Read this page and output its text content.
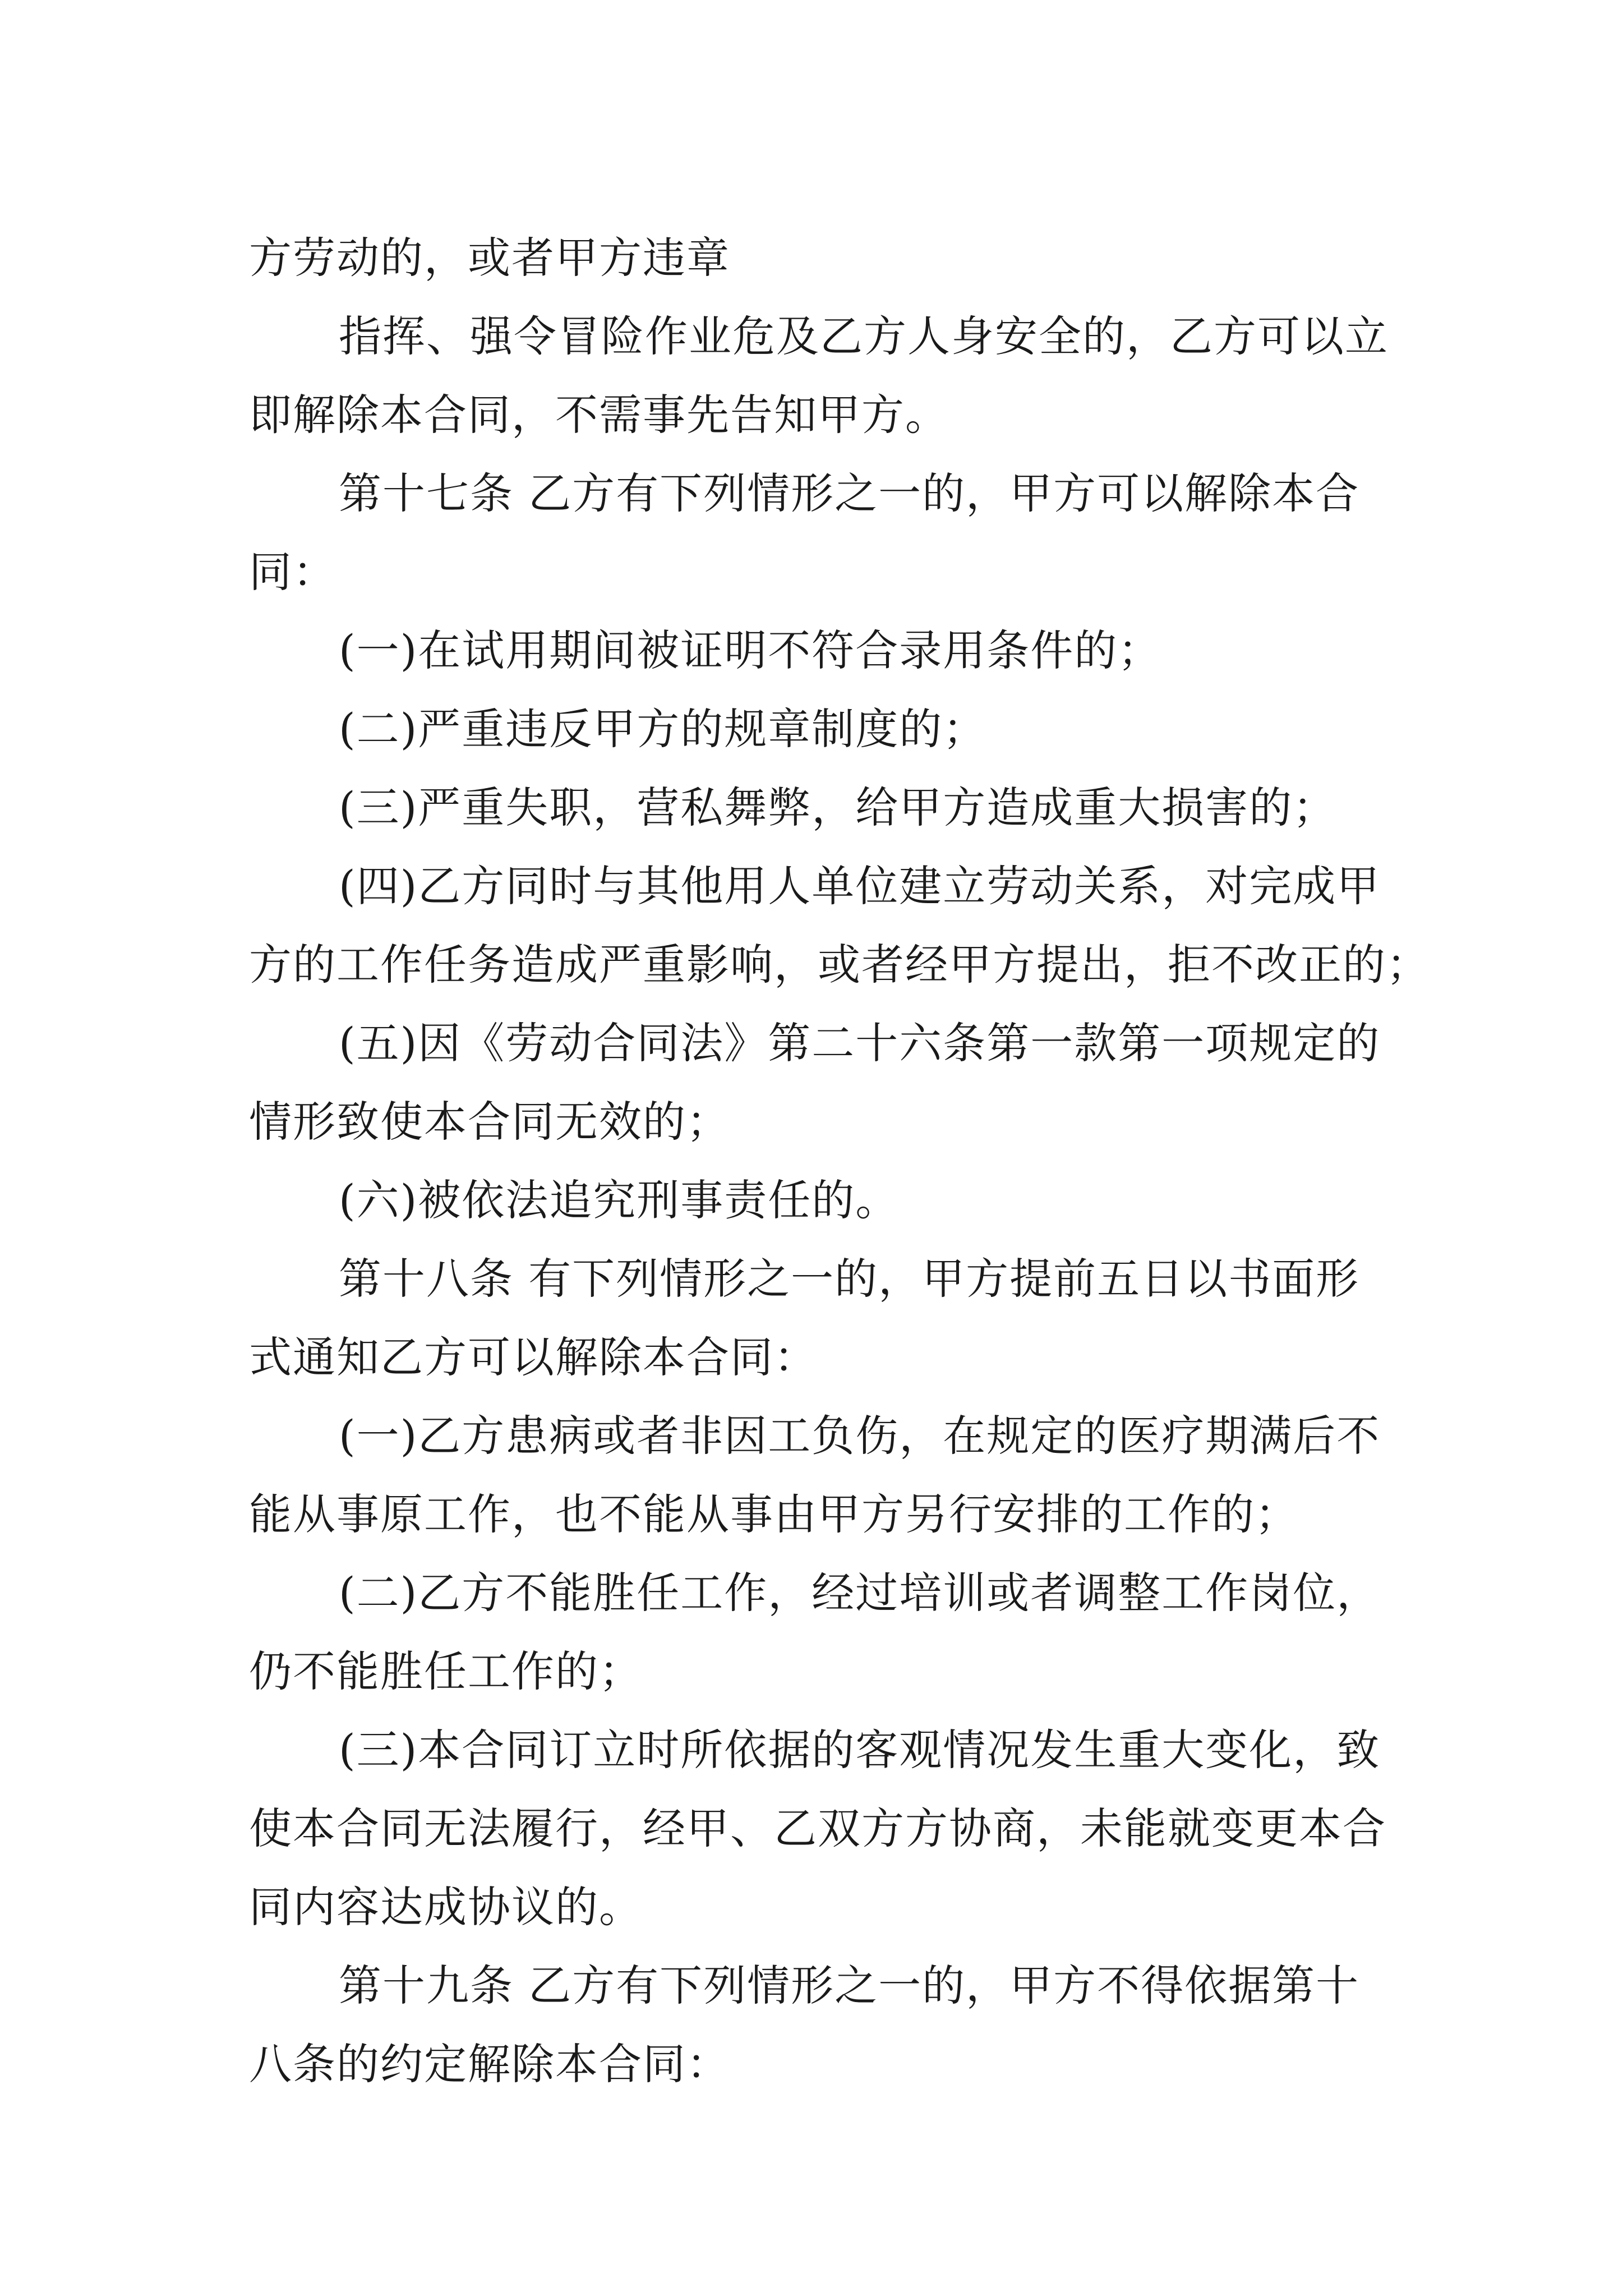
方劳动的，或者甲方违章
指挥、强令冒险作业危及乙方人身安全的，乙方可以立
即解除本合同，不需事先告知甲方。
第十七条 乙方有下列情形之一的，甲方可以解除本合
同：
(一)在试用期间被证明不符合录用条件的；
(二)严重违反甲方的规章制度的；
(三)严重失职，营私舞弊，给甲方造成重大损害的；
(四)乙方同时与其他用人单位建立劳动关系，对完成甲
方的工作任务造成严重影响，或者经甲方提出，拒不改正的；
(五)因《劳动合同法》第二十六条第一款第一项规定的
情形致使本合同无效的；
(六)被依法追究刑事责任的。
第十八条 有下列情形之一的，甲方提前五日以书面形
式通知乙方可以解除本合同：
(一)乙方患病或者非因工负伤，在规定的医疗期满后不
能从事原工作，也不能从事由甲方另行安排的工作的；
(二)乙方不能胜任工作，经过培训或者调整工作岗位，
仍不能胜任工作的；
(三)本合同订立时所依据的客观情况发生重大变化，致
使本合同无法履行，经甲、乙双方方协商，未能就变更本合
同内容达成协议的。
第十九条 乙方有下列情形之一的，甲方不得依据第十
八条的约定解除本合同：
